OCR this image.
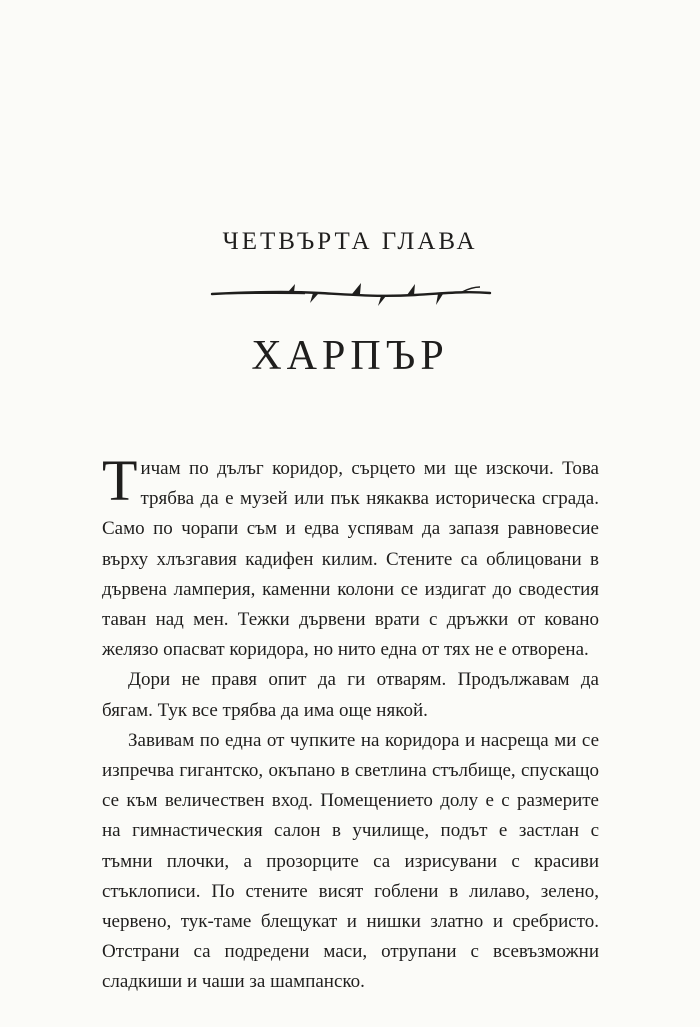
ЧЕТВЪРТА ГЛАВА
ХАРПЪР

Тичам по дълъг коридор, сърцето ми ще изскочи. Това трябва да е музей или пък някаква историческа сграда. Само по чорапи съм и едва успявам да запазя равновесие върху хлъзгавия кадифен килим. Стените са облицовани в дървена ламперия, каменни колони се издигат до сводестия таван над мен. Тежки дървени врати с дръжки от ковано желязо опасват коридора, но нито една от тях не е отворена.

Дори не правя опит да ги отварям. Продължавам да бягам. Тук все трябва да има още някой.

Завивам по една от чупките на коридора и насреща ми се изпречва гигантско, окъпано в светлина стълбище, спускащо се към величествен вход. Помещението долу е с размерите на гимнастическия салон в училище, подът е застлан с тъмни плочки, а прозорците са изрисувани с красиви стъклописи. По стените висят гоблени в лилаво, зелено, червено, тук-таме блещукат и нишки златно и сребристо. Отстрани са подредени маси, отрупани с всевъзможни сладкиши и чаши за шампанско.
